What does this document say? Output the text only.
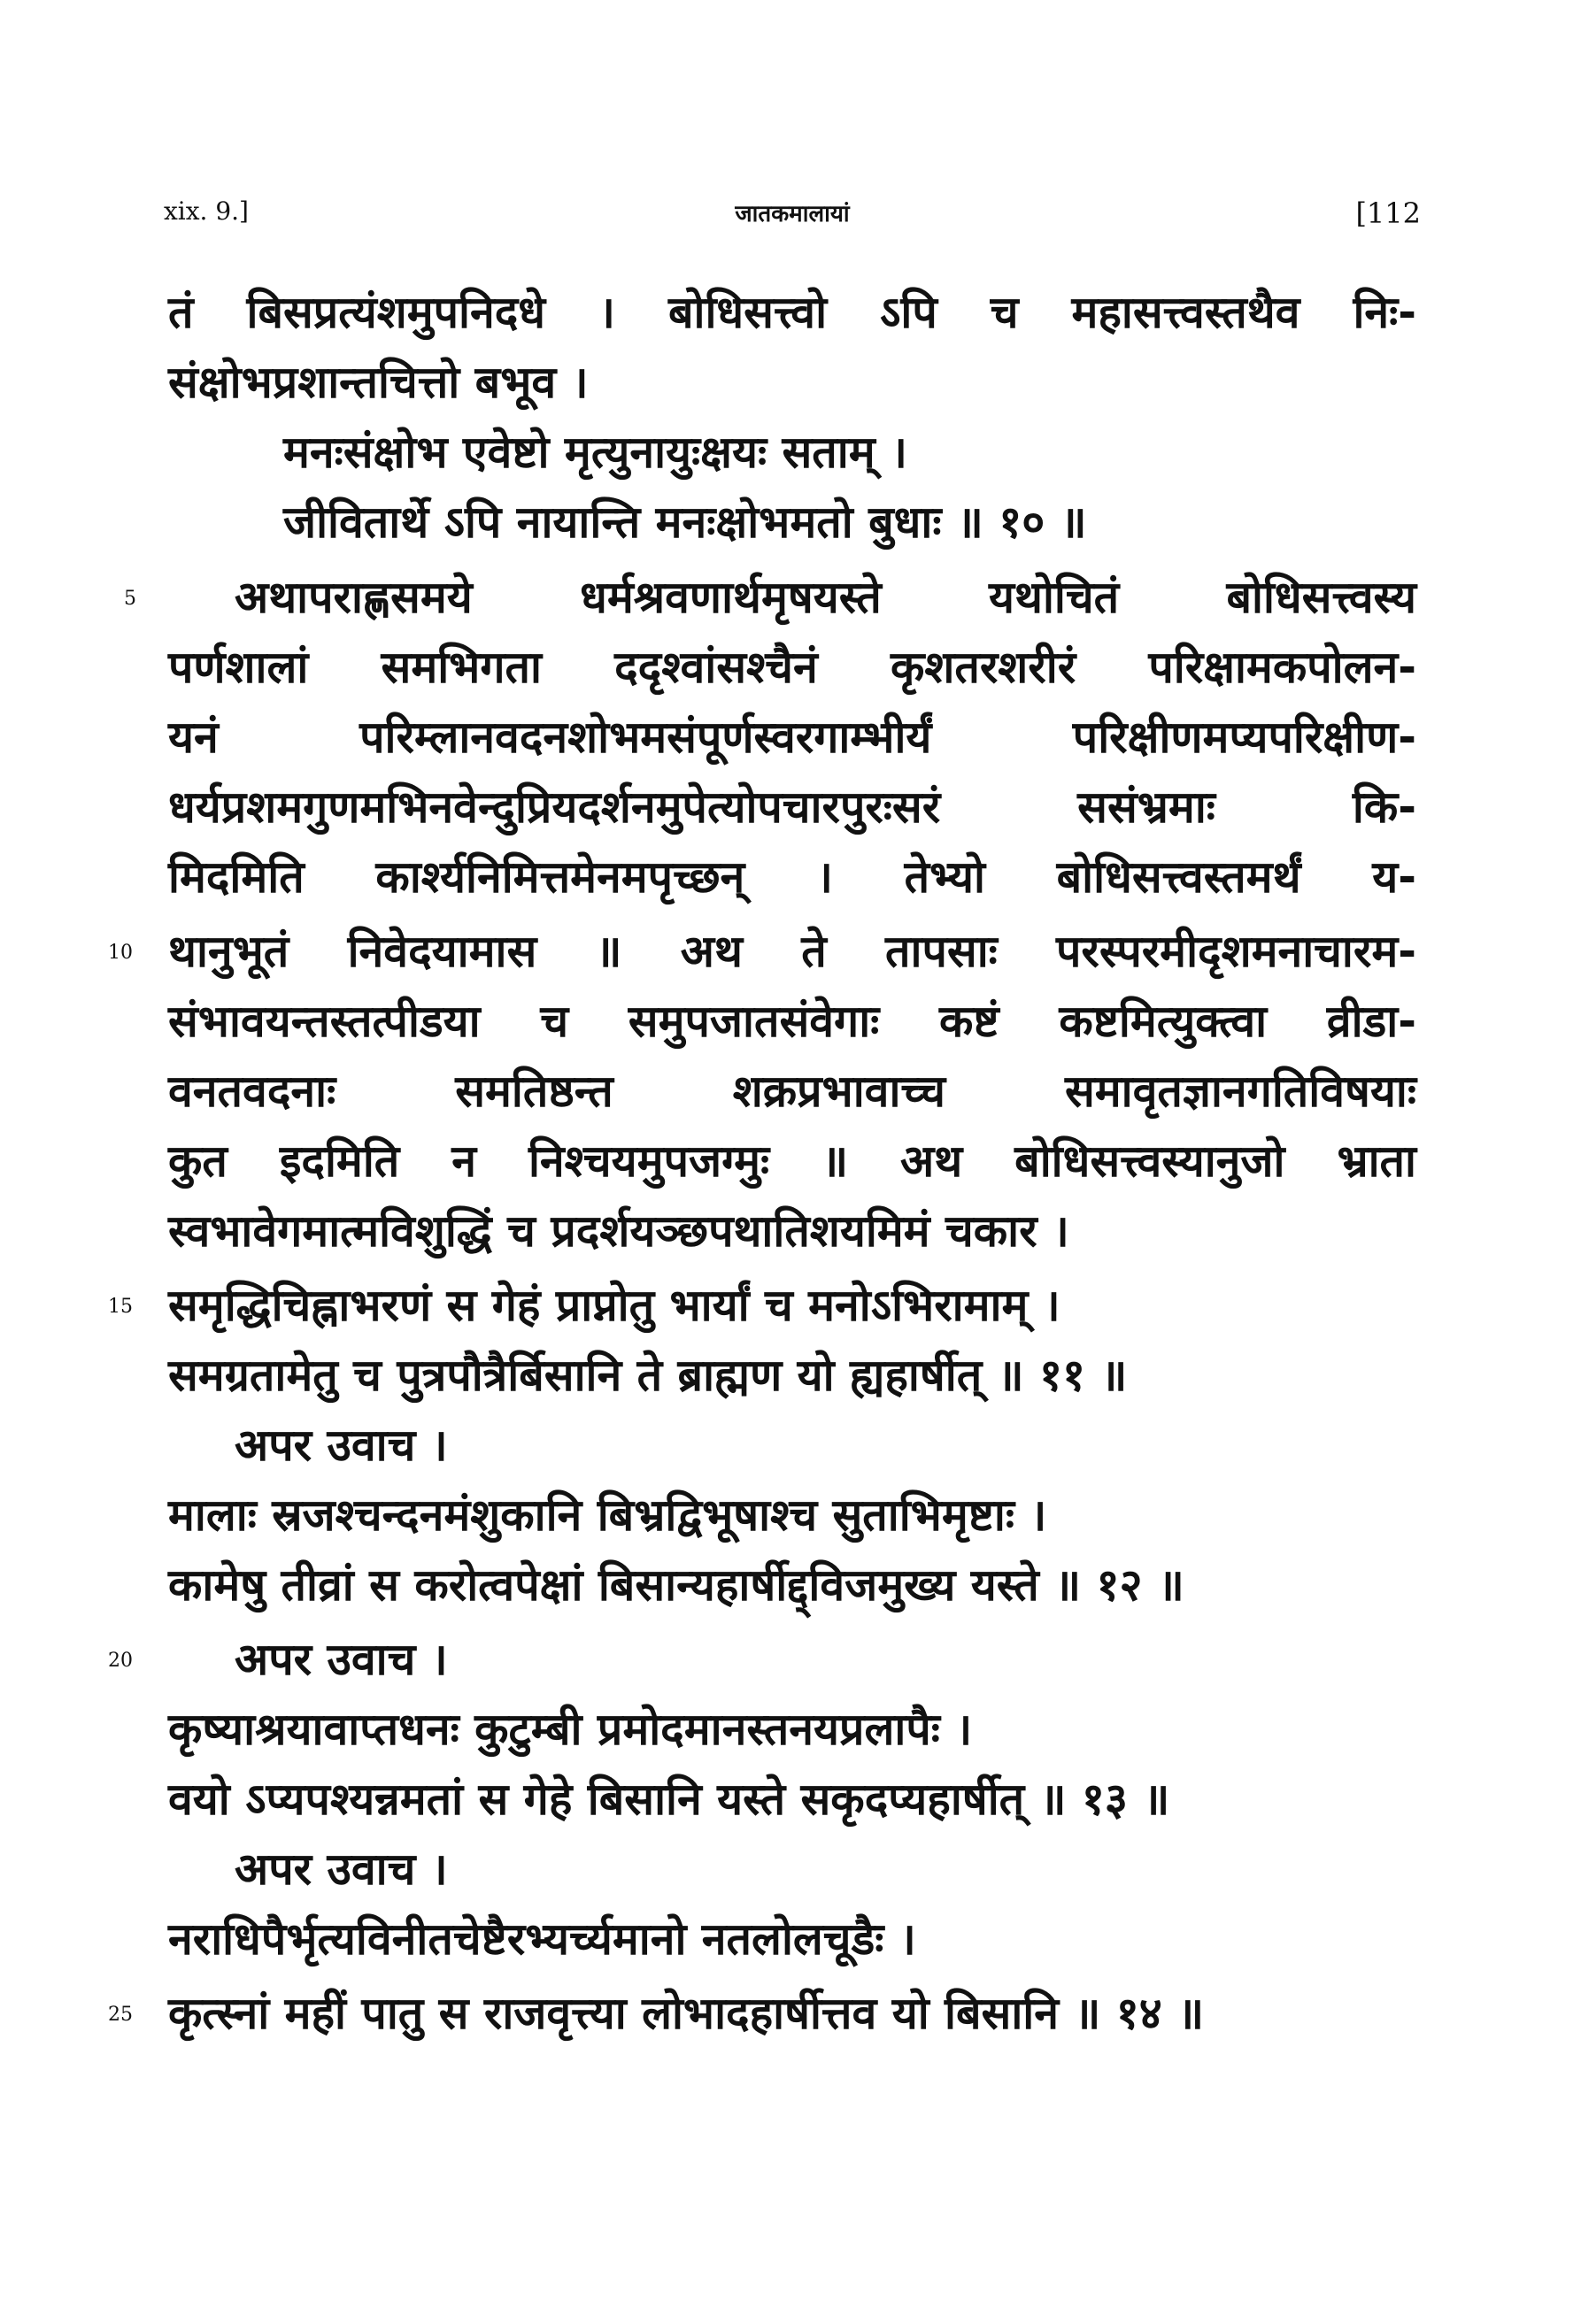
xix. 9.]	जातकमालायां	[112
तं बिसप्रत्यंशमुपनिदधे । बोधिसत्त्वो ऽपि च महासत्त्वस्तथैव निः-
संक्षोभप्रशान्तचित्तो बभूव ।
मनःसंक्षोभ एवेष्टो मृत्युनायुःक्षयः सताम् ।
जीवितार्थे ऽपि नायान्ति मनःक्षोभमतो बुधाः ॥ १० ॥
अथापराह्णसमये धर्मश्रवणार्थमृषयस्ते यथोचितं बोधिसत्त्वस्य
पर्णशालां समभिगता ददृश्वांसश्चैनं कृशतरशरीरं परिक्षामकपोलन-
यनं परिम्लानवदनशोभमसंपूर्णस्वरगाम्भीर्यं परिक्षीणमप्यपरिक्षीण-
धर्यप्रशमगुणमभिनवेन्दुप्रियदर्शनमुपेत्योपचारपुरःसरं ससंभ्रमाः कि-
मिदमिति कार्श्यनिमित्तमेनमपृच्छन् । तेभ्यो बोधिसत्त्वस्तमर्थं य-
थानुभूतं निवेदयामास ॥ अथ ते तापसाः परस्परमीदृशमनाचारम-
संभावयन्तस्तत्पीडया च समुपजातसंवेगाः कष्टं कष्टमित्युक्त्वा व्रीडा-
वनतवदनाः समतिष्ठन्त शक्रप्रभावाच्च समावृतज्ञानगतिविषयाः
कुत इदमिति न निश्चयमुपजग्मुः ॥ अथ बोधिसत्त्वस्यानुजो भ्राता
स्वभावेगमात्मविशुद्धिं च प्रदर्शयञ्छपथातिशयमिमं चकार ।
समृद्धिचिह्नाभरणं स गेहं प्राप्नोतु भार्यां च मनोऽभिरामाम् ।
समग्रतामेतु च पुत्रपौत्रैर्बिसानि ते ब्राह्मण यो ह्यहार्षीत् ॥ ११ ॥
अपर उवाच ।
मालाः स्रजश्चन्दनमंशुकानि बिभ्रद्विभूषाश्च सुताभिमृष्टाः ।
कामेषु तीव्रां स करोत्वपेक्षां बिसान्यहार्षीद्द्विजमुख्य यस्ते ॥ १२ ॥
अपर उवाच ।
कृष्याश्रयावाप्तधनः कुटुम्बी प्रमोदमानस्तनयप्रलापैः ।
वयो ऽप्यपश्यन्नमतां स गेहे बिसानि यस्ते सकृदप्यहार्षीत् ॥ १३ ॥
अपर उवाच ।
नराधिपैर्भृत्यविनीतचेष्टैरभ्यर्च्यमानो नतलोलचूडैः ।
कृत्स्नां महीं पातु स राजवृत्त्या लोभादहार्षीत्तव यो बिसानि ॥ १४ ॥
5
10
15
20
25
